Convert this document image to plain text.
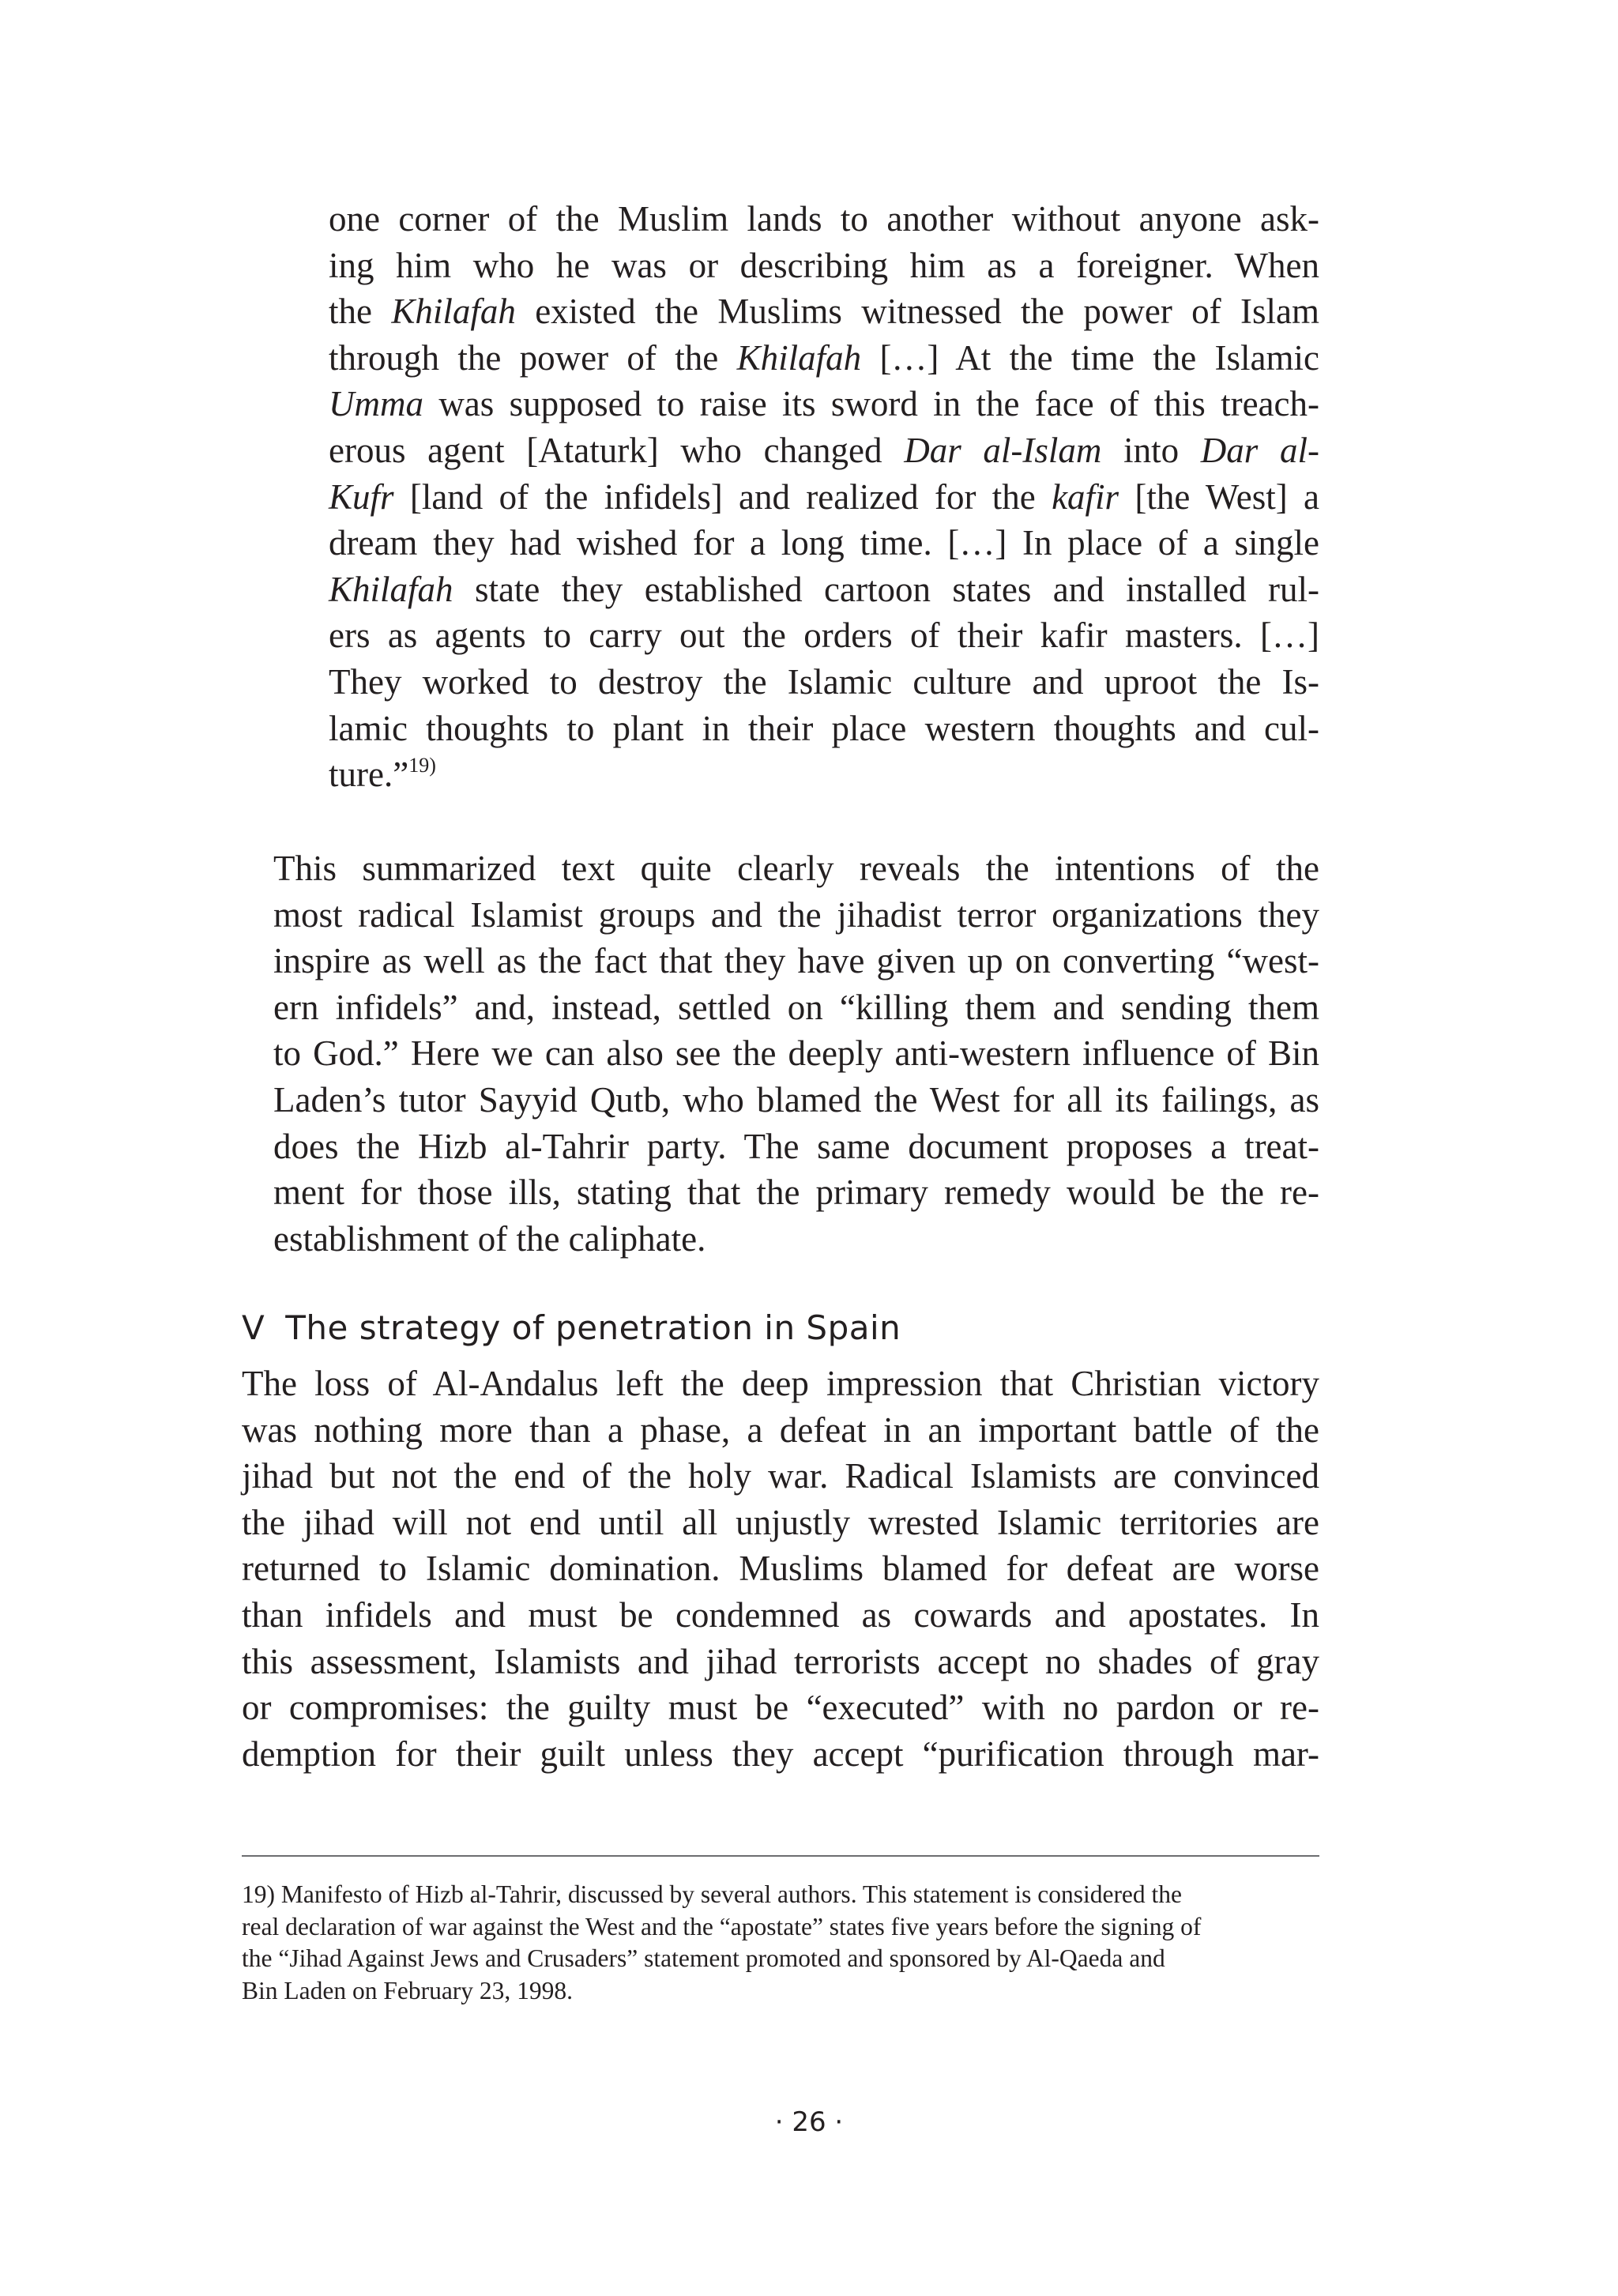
one corner of the Muslim lands to another without anyone ask-
ing him who he was or describing him as a foreigner. When
the Khilafah existed the Muslims witnessed the power of Islam
through the power of the Khilafah […] At the time the Islamic
Umma was supposed to raise its sword in the face of this treach-
erous agent [Ataturk] who changed Dar al-Islam into Dar al-
Kufr [land of the infidels] and realized for the kafir [the West] a
dream they had wished for a long time. […] In place of a single
Khilafah state they established cartoon states and installed rul-
ers as agents to carry out the orders of their kafir masters. […]
They worked to destroy the Islamic culture and uproot the Is-
lamic thoughts to plant in their place western thoughts and cul-
ture.”$^{19)}$
This summarized text quite clearly reveals the intentions of the
most radical Islamist groups and the jihadist terror organizations they
inspire as well as the fact that they have given up on converting “west-
ern infidels” and, instead, settled on “killing them and sending them
to God.” Here we can also see the deeply anti-western influence of Bin
Laden’s tutor Sayyid Qutb, who blamed the West for all its failings, as
does the Hizb al-Tahrir party. The same document proposes a treat-
ment for those ills, stating that the primary remedy would be the re-
establishment of the caliphate.
V The strategy of penetration in Spain
The loss of Al-Andalus left the deep impression that Christian victory
was nothing more than a phase, a defeat in an important battle of the
jihad but not the end of the holy war. Radical Islamists are convinced
the jihad will not end until all unjustly wrested Islamic territories are
returned to Islamic domination. Muslims blamed for defeat are worse
than infidels and must be condemned as cowards and apostates. In
this assessment, Islamists and jihad terrorists accept no shades of gray
or compromises: the guilty must be “executed” with no pardon or re-
demption for their guilt unless they accept “purification through mar-
19) Manifesto of Hizb al-Tahrir, discussed by several authors. This statement is considered the
real declaration of war against the West and the “apostate” states five years before the signing of
the “Jihad Against Jews and Crusaders” statement promoted and sponsored by Al-Qaeda and
Bin Laden on February 23, 1998.
· 26 ·
